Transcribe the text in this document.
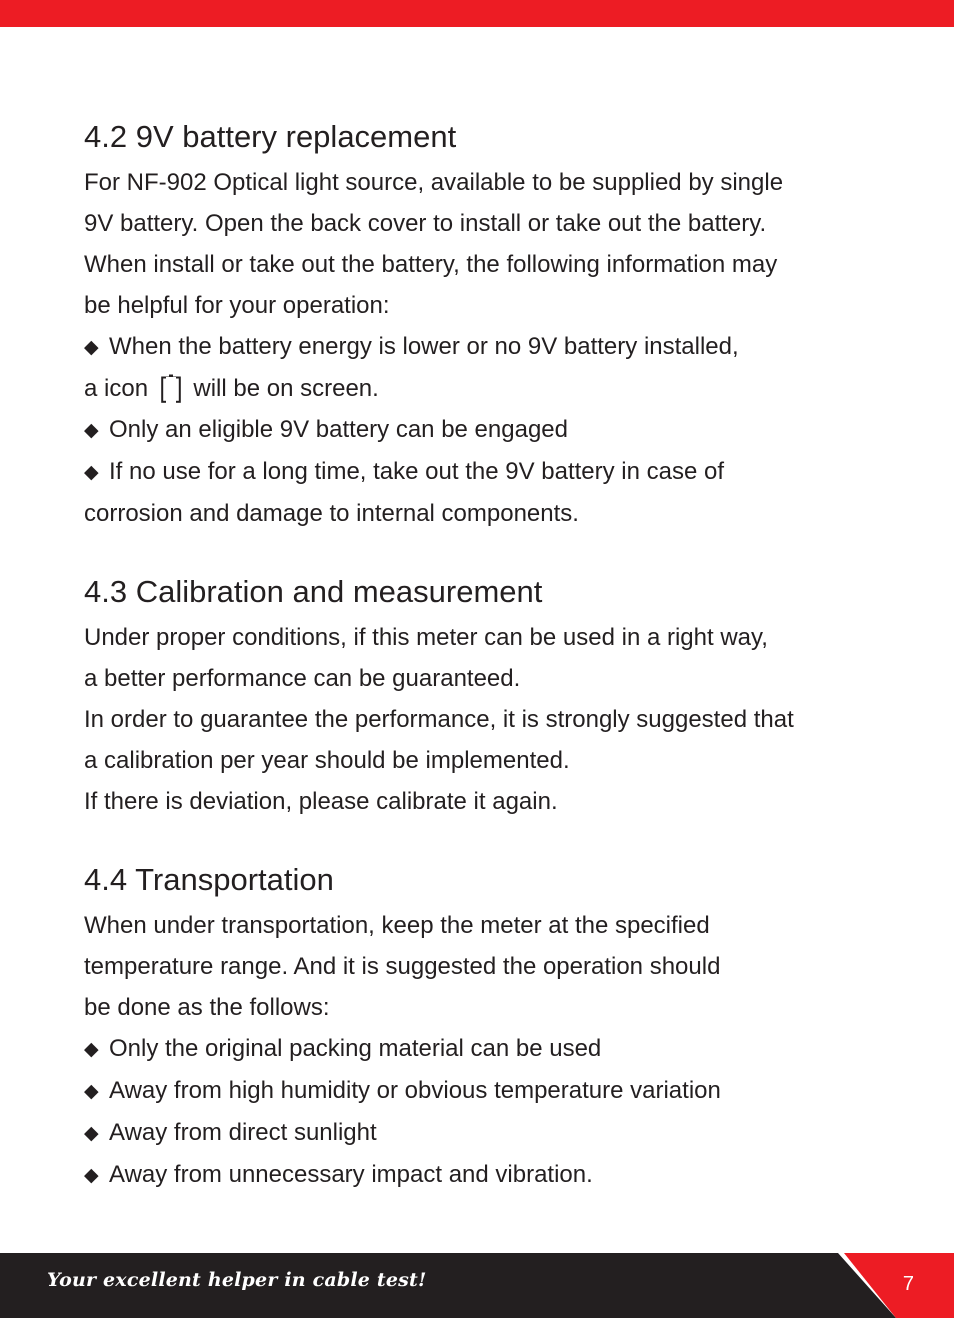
4.2 9V battery replacement
For NF-902 Optical light source, available to be supplied by single
9V battery. Open the back cover to install or take out the battery.
When install or take out the battery, the following information may
be helpful for your operation:
◆ When the battery energy is lower or no 9V battery installed,
a icon will be on screen.
◆ Only an eligible 9V battery can be engaged
◆ If no use for a long time, take out the 9V battery in case of
corrosion and damage to internal components.
4.3 Calibration and measurement
Under proper conditions, if this meter can be used in a right way,
a better performance can be guaranteed.
In order to guarantee the performance, it is strongly suggested that
a calibration per year should be implemented.
If there is deviation, please calibrate it again.
4.4 Transportation
When under transportation, keep the meter at the specified
temperature range. And it is suggested the operation should
be done as the follows:
◆ Only the original packing material can be used
◆ Away from high humidity or obvious temperature variation
◆ Away from direct sunlight
◆ Away from unnecessary impact and vibration.
Your excellent helper in cable test!	7
